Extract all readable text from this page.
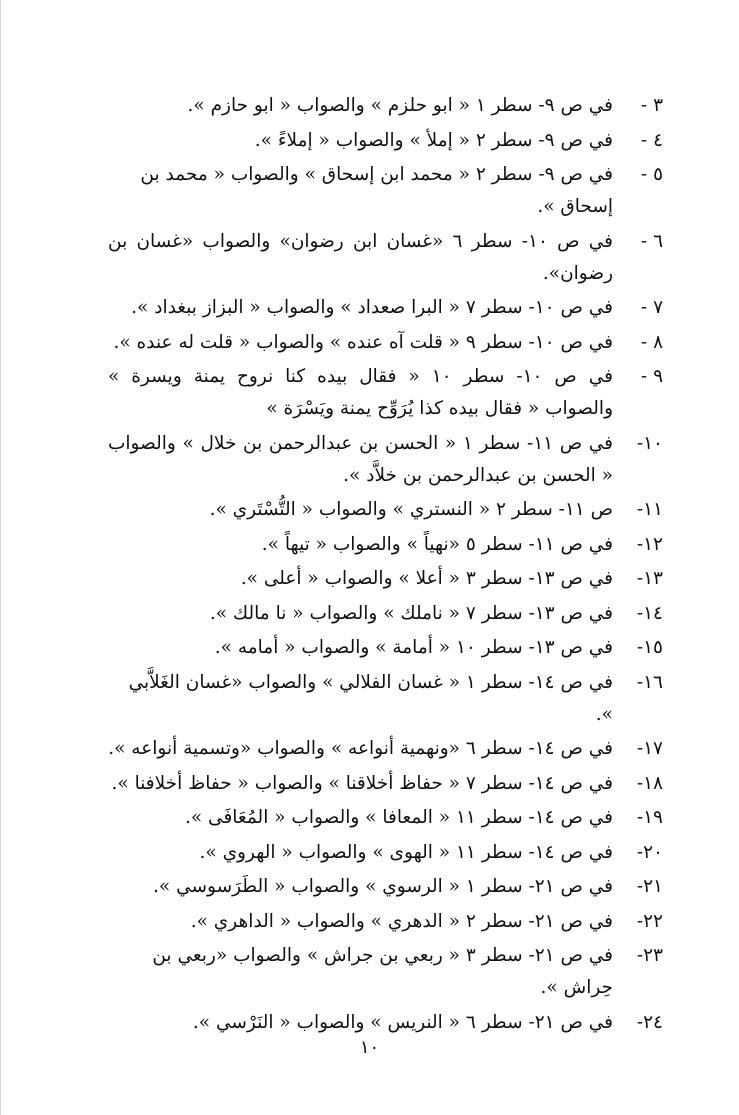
٣ -
في ص ٩- سطر ١ « ابو حلزم » والصواب « ابو حازم ».
٤ -
في ص ٩- سطر ٢ « إملأ » والصواب « إملاءً ».
٥ -
في ص ٩- سطر ٢ « محمد ابن إسحاق » والصواب « محمد بن إسحاق ».
٦ -
في ص ١٠- سطر ٦ «غسان ابن رضوان» والصواب «غسان بن رضوان».
٧ -
في ص ١٠- سطر ٧ « البرا صعداد » والصواب « البزاز ببغداد ».
٨ -
في ص ١٠- سطر ٩ « قلت آه عنده » والصواب « قلت له عنده ».
٩ -
في ص ١٠- سطر ١٠ « فقال بيده كنا نروح يمنة ويسرة » والصواب « فقال بيده كذا يُرَوِّح يمنة ويَسْرَة »
١٠-
في ص ١١- سطر ١ « الحسن بن عبدالرحمن بن خلال » والصواب « الحسن بن عبدالرحمن بن خلاَّد ».
١١-
ص ١١- سطر ٢ « النستري » والصواب « التُّسْتَري ».
١٢-
في ص ١١- سطر ٥ «نهياً » والصواب « تيهاً ».
١٣-
في ص ١٣- سطر ٣ « أعلا » والصواب « أعلى ».
١٤-
في ص ١٣- سطر ٧ « ناملك » والصواب « نا مالك ».
١٥-
في ص ١٣- سطر ١٠ « أمامة » والصواب « أمامه ».
١٦-
في ص ١٤- سطر ١ « غسان الفلالي » والصواب «غسان الغَلاَّبي ».
١٧-
في ص ١٤- سطر ٦ «ونهمية أنواعه » والصواب «وتسمية أنواعه ».
١٨-
في ص ١٤- سطر ٧ « حفاظ أخلاقنا » والصواب « حفاظ أخلافنا ».
١٩-
في ص ١٤- سطر ١١ « المعافا » والصواب « المُعَافَى ».
٢٠-
في ص ١٤- سطر ١١ « الهوى » والصواب « الهروي ».
٢١-
في ص ٢١- سطر ١ « الرسوي » والصواب « الطَرَسوسي ».
٢٢-
في ص ٢١- سطر ٢ « الدهري » والصواب « الداهري ».
٢٣-
في ص ٢١- سطر ٣ « ربعي بن جراش » والصواب «ربعي بن حِراش ».
٢٤-
في ص ٢١- سطر ٦ « النريس » والصواب « النَرْسي ».
١٠
